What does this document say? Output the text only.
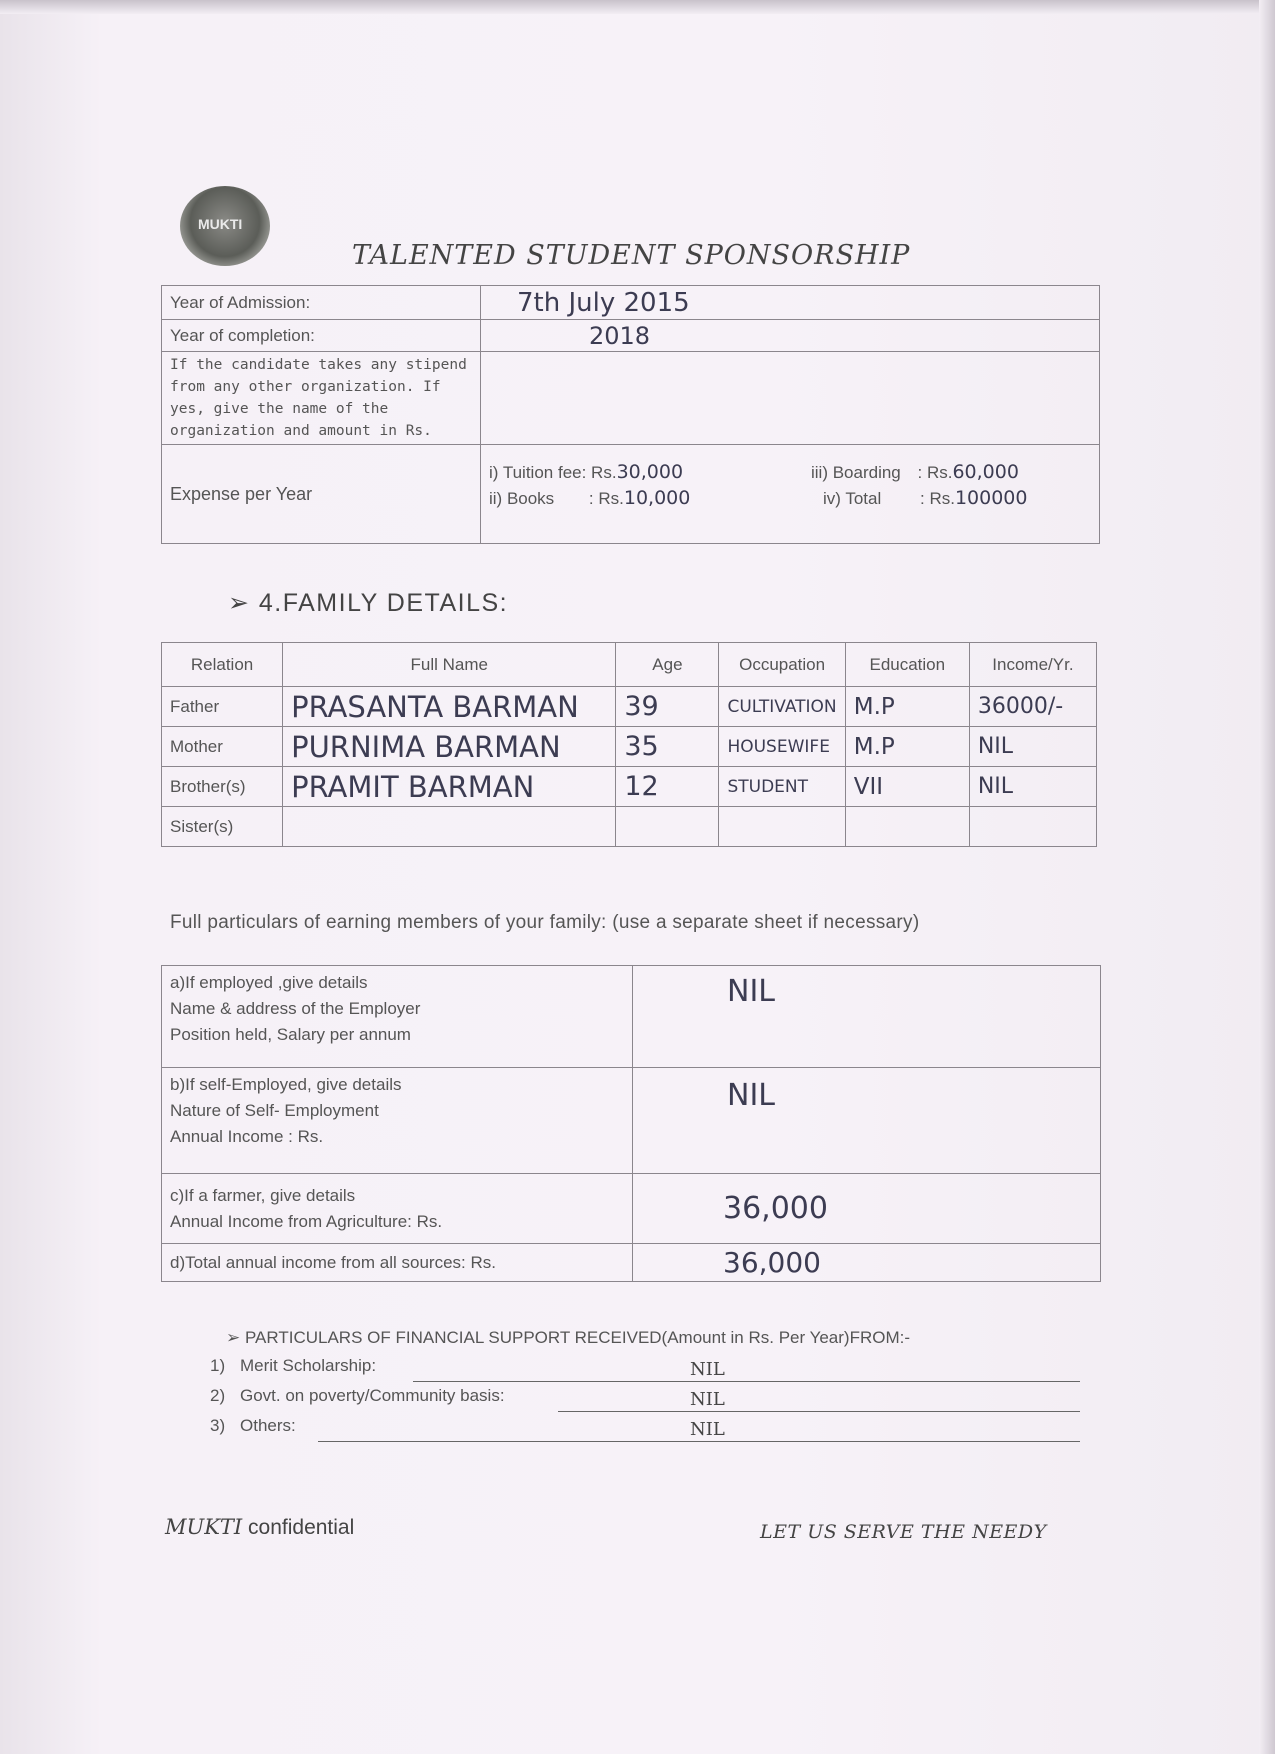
MUKTI
TALENTED STUDENT SPONSORSHIP
Year of Admission:	7th July 2015
Year of completion:	2018
If the candidate takes any stipend from any other organization. If yes, give the name of the organization and amount in Rs.	
Expense per Year	i) Tuition fee: Rs.30,000
ii) Books : Rs.10,000
iii) Boarding : Rs.60,000
iv) Total : Rs.100000
➢ 4.FAMILY DETAILS:
Relation	Full Name	Age	Occupation	Education	Income/Yr.
Father	PRASANTA BARMAN	39	CULTIVATION	M.P	36000/-
Mother	PURNIMA BARMAN	35	HOUSEWIFE	M.P	NIL
Brother(s)	PRAMIT BARMAN	12	STUDENT	VII	NIL
Sister(s)					
Full particulars of earning members of your family: (use a separate sheet if necessary)
a)If employed ,give details
Name & address of the Employer
Position held, Salary per annum	NIL
b)If self-Employed, give details
Nature of Self- Employment
Annual Income : Rs.	NIL
c)If a farmer, give details
Annual Income from Agriculture: Rs.	36,000
d)Total annual income from all sources: Rs.	36,000
➢ PARTICULARS OF FINANCIAL SUPPORT RECEIVED(Amount in Rs. Per Year)FROM:-
1) Merit Scholarship:	NIL
2) Govt. on poverty/Community basis:	NIL
3) Others:	NIL
MUKTI confidential	LET US SERVE THE NEEDY
